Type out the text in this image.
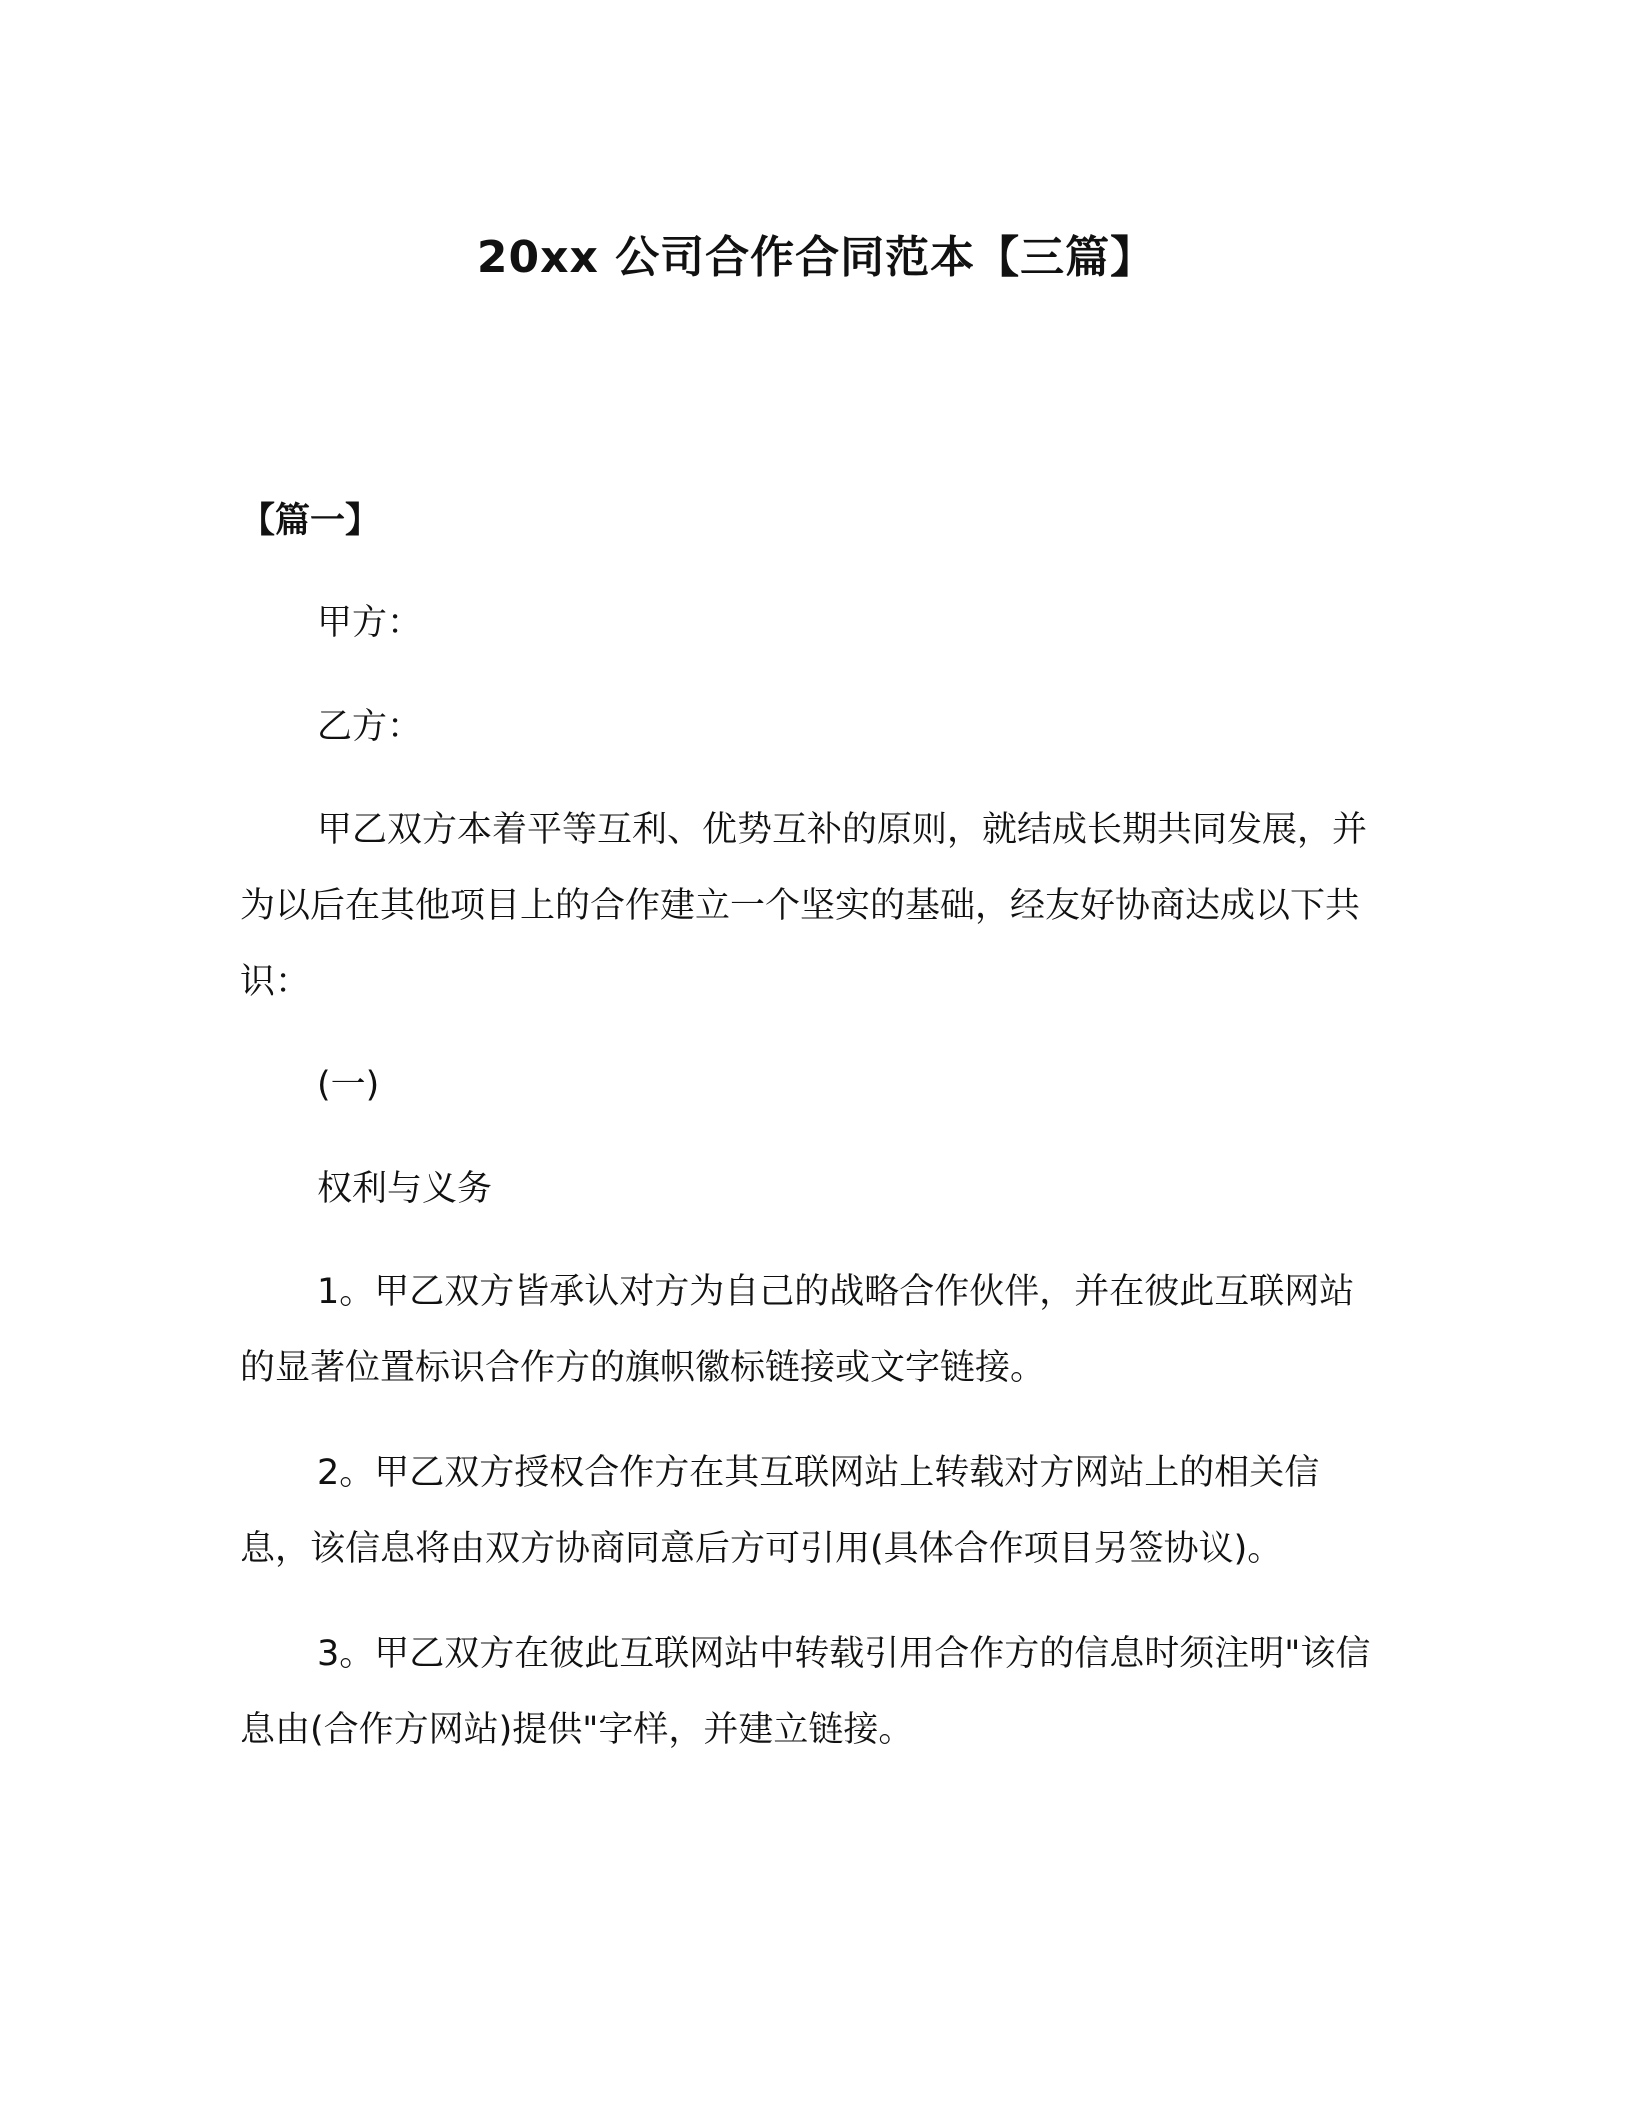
20xx 公司合作合同范本【三篇】
【篇一】
甲方：
乙方：

甲乙双方本着平等互利、优势互补的原则，就结成长期共同发展，并为以后在其他项目上的合作建立一个坚实的基础，经友好协商达成以下共识：

(一)
权利与义务

1。甲乙双方皆承认对方为自己的战略合作伙伴，并在彼此互联网站的显著位置标识合作方的旗帜徽标链接或文字链接。

2。甲乙双方授权合作方在其互联网站上转载对方网站上的相关信息，该信息将由双方协商同意后方可引用(具体合作项目另签协议)。

3。甲乙双方在彼此互联网站中转载引用合作方的信息时须注明"该信息由(合作方网站)提供"字样，并建立链接。
